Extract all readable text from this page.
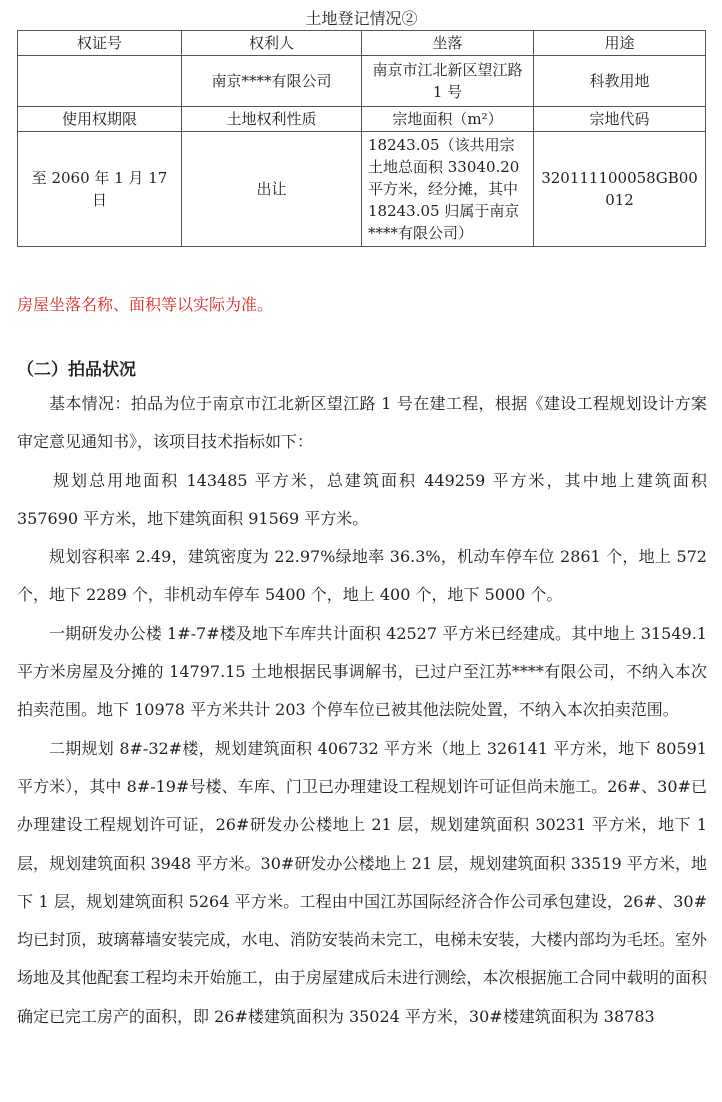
土地登记情况②			
权证号	权利人	坐落	用途
	南京****有限公司	南京市江北新区望江路 1 号	科教用地
使用权期限	土地权利性质	宗地面积（m²）	宗地代码
至 2060 年 1 月 17 日	出让	18243.05（该共用宗土地总面积 33040.20 平方米，经分摊，其中 18243.05 归属于南京****有限公司）	320111100058GB00012
房屋坐落名称、面积等以实际为准。
（二）拍品状况

基本情况：拍品为位于南京市江北新区望江路 1 号在建工程，根据《建设工程规划设计方案审定意见通知书》，该项目技术指标如下：

规划总用地面积 143485 平方米，总建筑面积 449259 平方米，其中地上建筑面积 357690 平方米，地下建筑面积 91569 平方米。

规划容积率 2.49，建筑密度为 22.97%绿地率 36.3%，机动车停车位 2861 个，地上 572 个，地下 2289 个，非机动车停车 5400 个，地上 400 个，地下 5000 个。

一期研发办公楼 1#-7#楼及地下车库共计面积 42527 平方米已经建成。其中地上 31549.1 平方米房屋及分摊的 14797.15 土地根据民事调解书，已过户至江苏****有限公司，不纳入本次拍卖范围。地下 10978 平方米共计 203 个停车位已被其他法院处置，不纳入本次拍卖范围。

二期规划 8#-32#楼，规划建筑面积 406732 平方米（地上 326141 平方米，地下 80591 平方米），其中 8#-19#号楼、车库、门卫已办理建设工程规划许可证但尚未施工。26#、30#已办理建设工程规划许可证，26#研发办公楼地上 21 层，规划建筑面积 30231 平方米，地下 1 层，规划建筑面积 3948 平方米。30#研发办公楼地上 21 层，规划建筑面积 33519 平方米，地下 1 层，规划建筑面积 5264 平方米。工程由中国江苏国际经济合作公司承包建设，26#、30#均已封顶，玻璃幕墙安装完成，水电、消防安装尚未完工，电梯未安装，大楼内部均为毛坯。室外场地及其他配套工程均未开始施工，由于房屋建成后未进行测绘，本次根据施工合同中载明的面积确定已完工房产的面积，即 26#楼建筑面积为 35024 平方米，30#楼建筑面积为 38783
